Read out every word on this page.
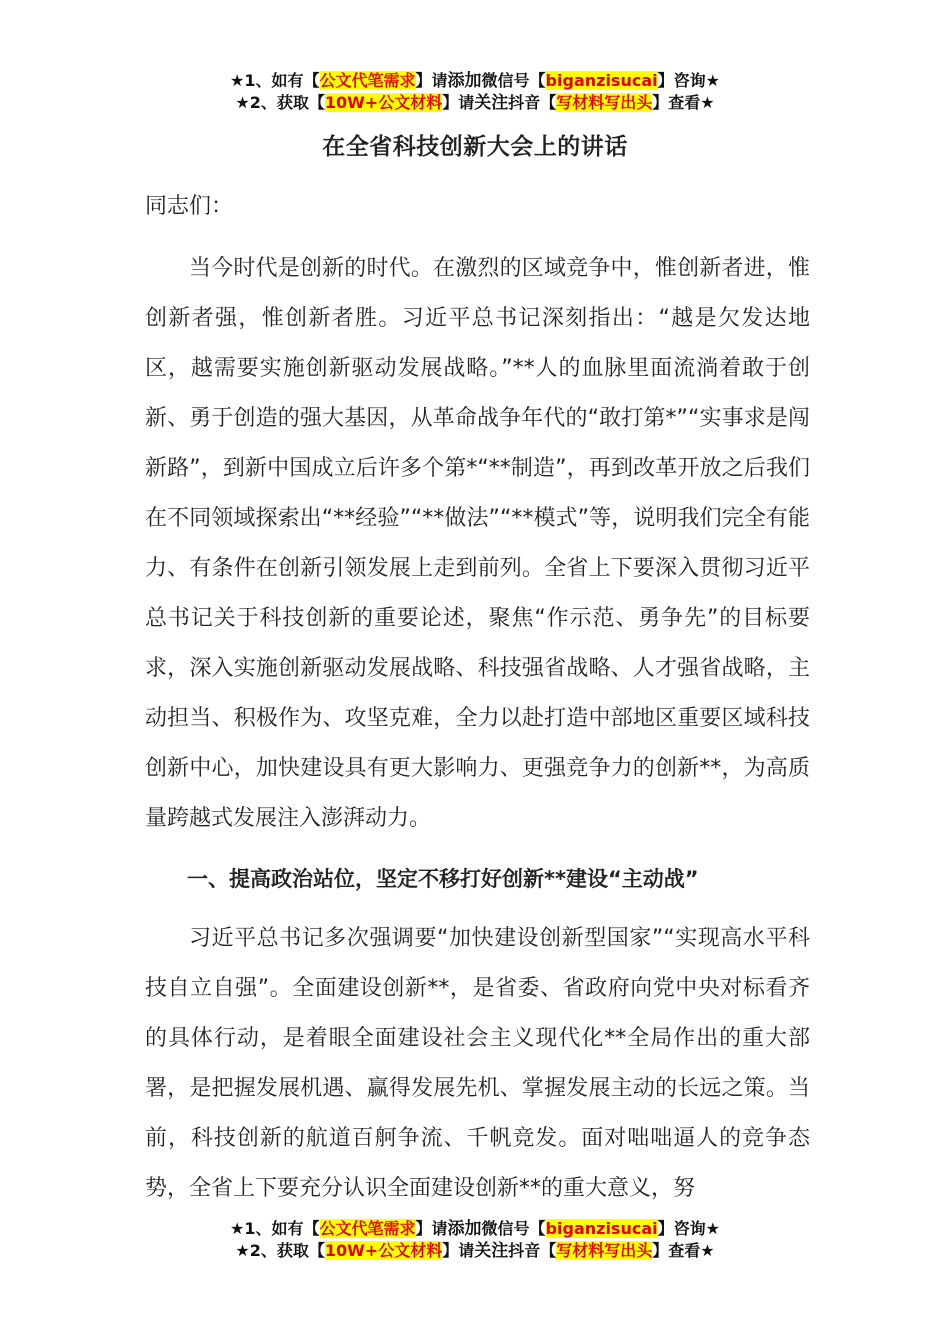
★1、如有【公文代笔需求】请添加微信号【biganzisucai】咨询★
★2、获取【10W+公文材料】请关注抖音【写材料写出头】查看★
在全省科技创新大会上的讲话

同志们：

当今时代是创新的时代。在激烈的区域竞争中，惟创新者进，惟创新者强，惟创新者胜。习近平总书记深刻指出：“越是欠发达地区，越需要实施创新驱动发展战略。”**人的血脉里面流淌着敢于创新、勇于创造的强大基因，从革命战争年代的“敢打第*”“实事求是闯新路”，到新中国成立后许多个第*“**制造”，再到改革开放之后我们在不同领域探索出“**经验”“**做法”“**模式”等，说明我们完全有能力、有条件在创新引领发展上走到前列。全省上下要深入贯彻习近平总书记关于科技创新的重要论述，聚焦“作示范、勇争先”的目标要求，深入实施创新驱动发展战略、科技强省战略、人才强省战略，主动担当、积极作为、攻坚克难，全力以赴打造中部地区重要区域科技创新中心，加快建设具有更大影响力、更强竞争力的创新**，为高质量跨越式发展注入澎湃动力。

一、提高政治站位，坚定不移打好创新**建设“主动战”

习近平总书记多次强调要“加快建设创新型国家”“实现高水平科技自立自强”。全面建设创新**，是省委、省政府向党中央对标看齐的具体行动，是着眼全面建设社会主义现代化**全局作出的重大部署，是把握发展机遇、赢得发展先机、掌握发展主动的长远之策。当前，科技创新的航道百舸争流、千帆竞发。面对咄咄逼人的竞争态势，全省上下要充分认识全面建设创新**的重大意义，努

★1、如有【公文代笔需求】请添加微信号【biganzisucai】咨询★
★2、获取【10W+公文材料】请关注抖音【写材料写出头】查看★
